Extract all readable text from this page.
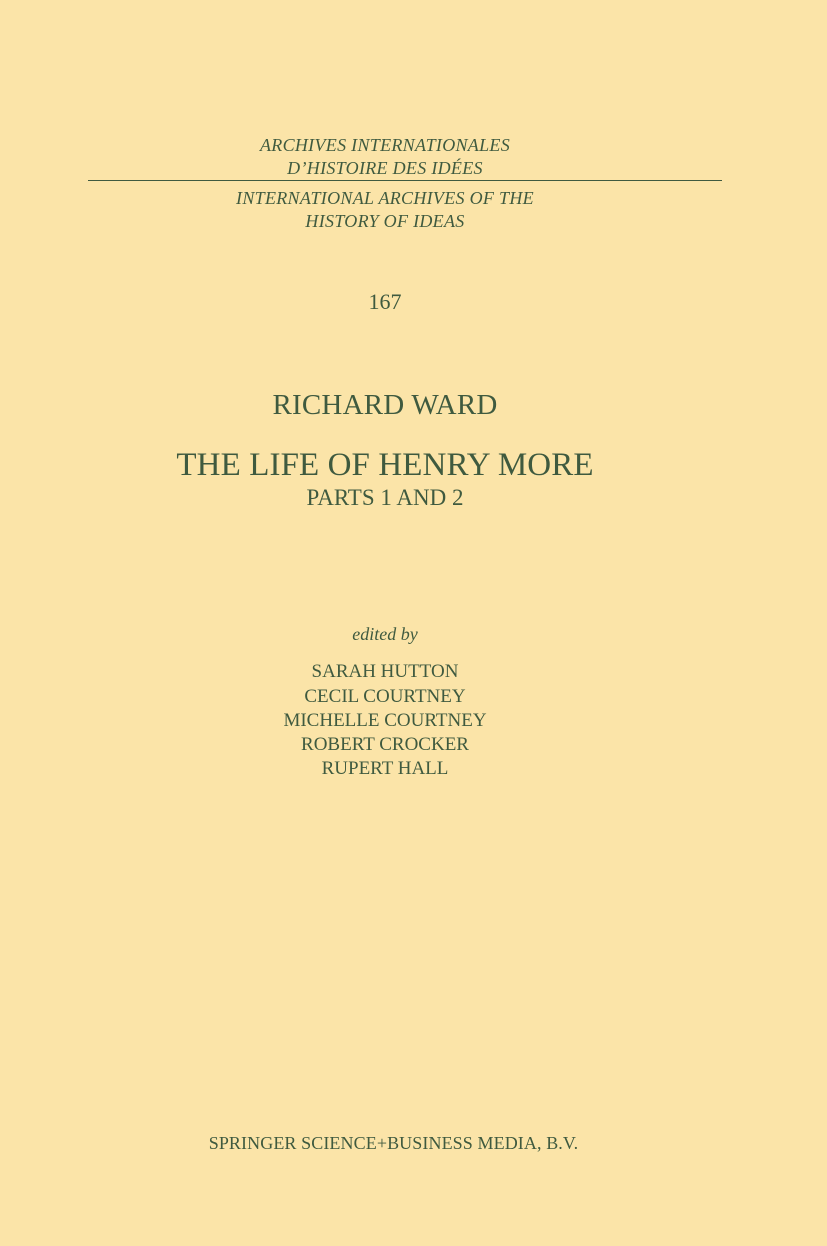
ARCHIVES INTERNATIONALES
D’HISTOIRE DES IDÉES
INTERNATIONAL ARCHIVES OF THE
HISTORY OF IDEAS
167
RICHARD WARD
THE LIFE OF HENRY MORE
PARTS 1 AND 2
edited by
SARAH HUTTON
CECIL COURTNEY
MICHELLE COURTNEY
ROBERT CROCKER
RUPERT HALL
SPRINGER SCIENCE+BUSINESS MEDIA, B.V.
